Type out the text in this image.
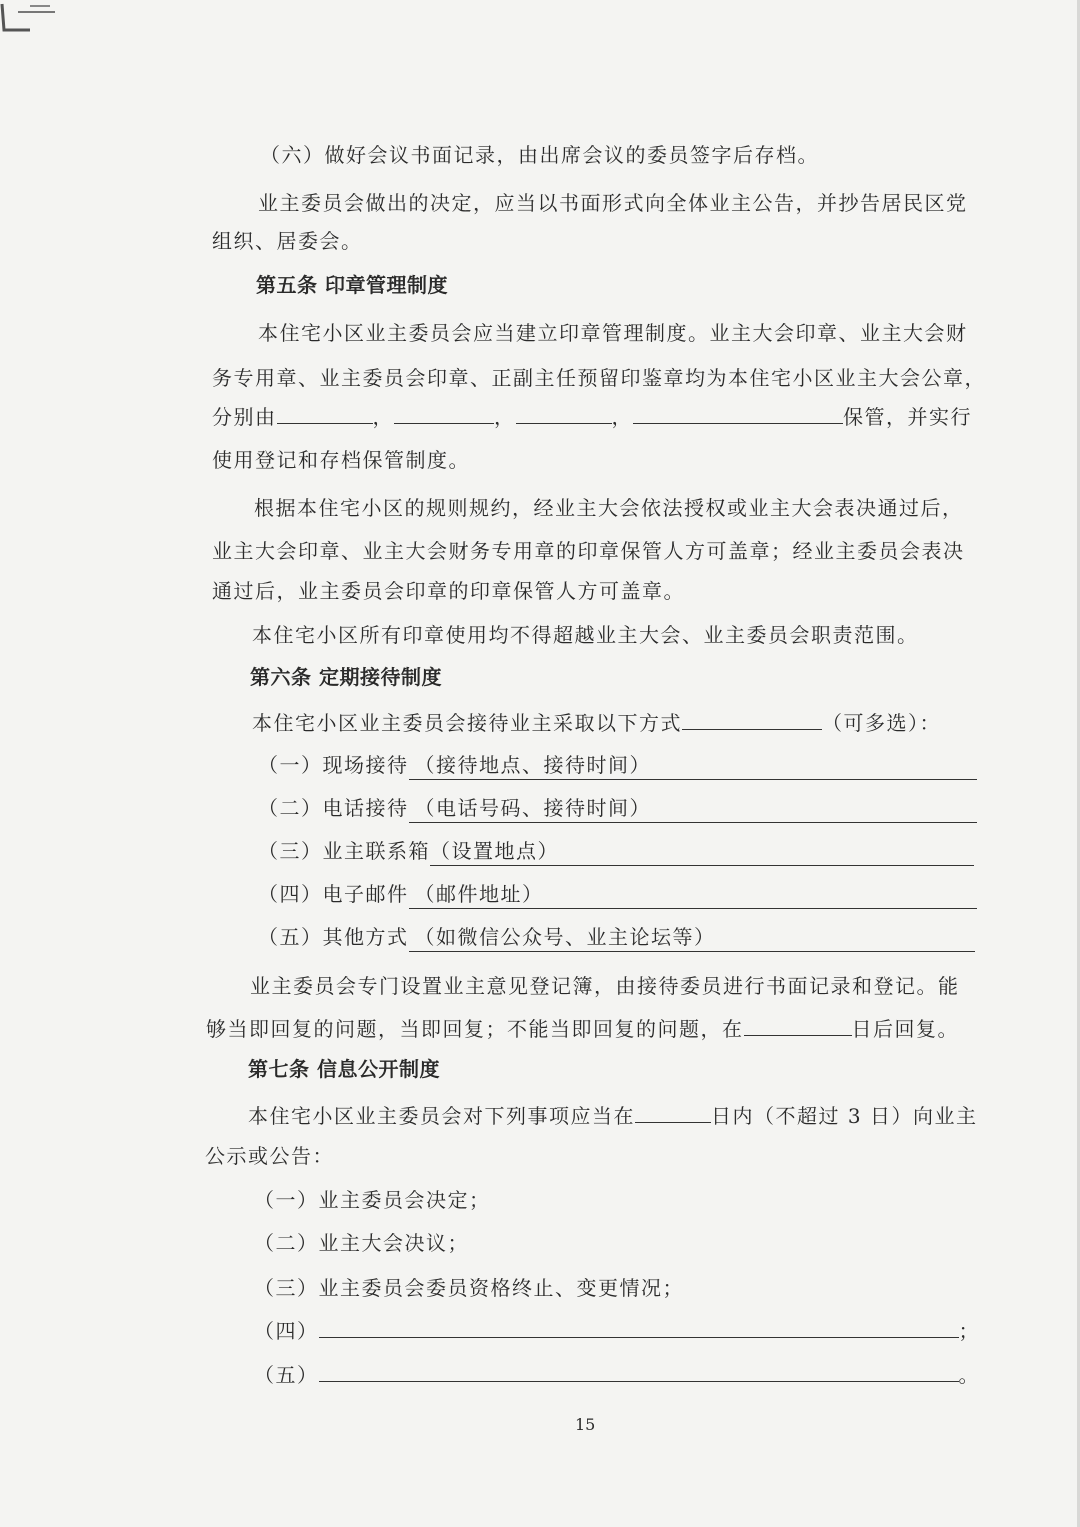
（六）做好会议书面记录，由出席会议的委员签字后存档。
业主委员会做出的决定，应当以书面形式向全体业主公告，并抄告居民区党
组织、居委会。
第五条 印章管理制度
本住宅小区业主委员会应当建立印章管理制度。业主大会印章、业主大会财
务专用章、业主委员会印章、正副主任预留印鉴章均为本住宅小区业主大会公章，
分别由	，	，	，	保管，并实行
使用登记和存档保管制度。
根据本住宅小区的规则规约，经业主大会依法授权或业主大会表决通过后，
业主大会印章、业主大会财务专用章的印章保管人方可盖章；经业主委员会表决
通过后，业主委员会印章的印章保管人方可盖章。
本住宅小区所有印章使用均不得超越业主大会、业主委员会职责范围。
第六条 定期接待制度
本住宅小区业主委员会接待业主采取以下方式	（可多选）：
（一）现场接待 （接待地点、接待时间）
（二）电话接待 （电话号码、接待时间）
（三）业主联系箱（设置地点）
（四）电子邮件 （邮件地址）
（五）其他方式 （如微信公众号、业主论坛等）
业主委员会专门设置业主意见登记簿，由接待委员进行书面记录和登记。能
够当即回复的问题，当即回复；不能当即回复的问题，在	日后回复。
第七条 信息公开制度
本住宅小区业主委员会对下列事项应当在	日内（不超过 3 日）向业主
公示或公告：
（一）业主委员会决定；
（二）业主大会决议；
（三）业主委员会委员资格终止、变更情况；
（四）	；
（五）	。
15
